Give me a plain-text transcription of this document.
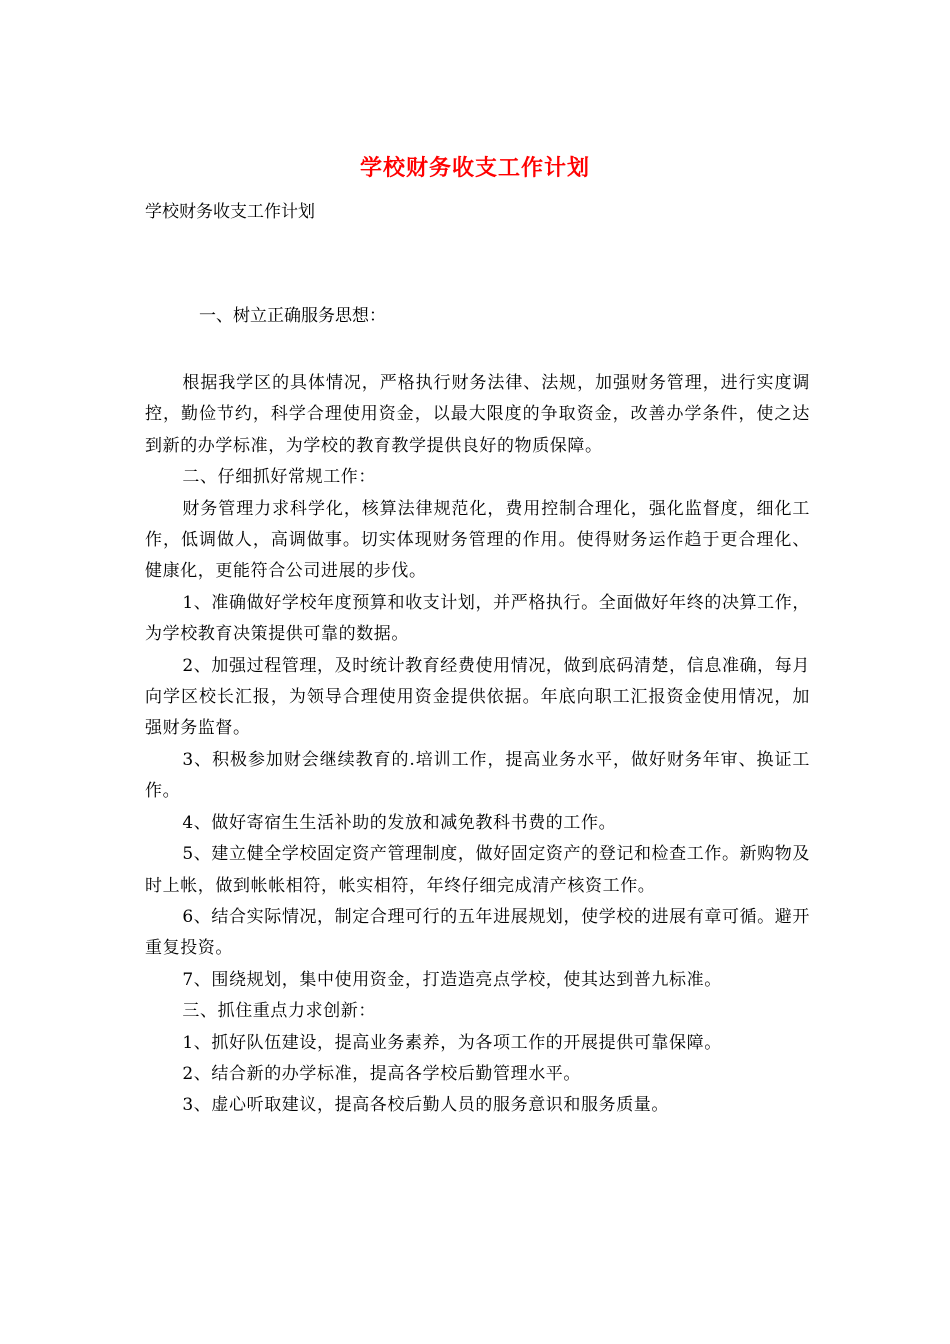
学校财务收支工作计划
学校财务收支工作计划
一、树立正确服务思想：

根据我学区的具体情况，严格执行财务法律、法规，加强财务管理，进行实度调控，勤俭节约，科学合理使用资金，以最大限度的争取资金，改善办学条件，使之达到新的办学标准，为学校的教育教学提供良好的物质保障。

二、仔细抓好常规工作：

财务管理力求科学化，核算法律规范化，费用控制合理化，强化监督度，细化工作，低调做人，高调做事。切实体现财务管理的作用。使得财务运作趋于更合理化、健康化，更能符合公司进展的步伐。

1、准确做好学校年度预算和收支计划，并严格执行。全面做好年终的决算工作，为学校教育决策提供可靠的数据。

2、加强过程管理，及时统计教育经费使用情况，做到底码清楚，信息准确，每月向学区校长汇报，为领导合理使用资金提供依据。年底向职工汇报资金使用情况，加强财务监督。

3、积极参加财会继续教育的.培训工作，提高业务水平，做好财务年审、换证工作。

4、做好寄宿生生活补助的发放和减免教科书费的工作。

5、建立健全学校固定资产管理制度，做好固定资产的登记和检查工作。新购物及时上帐，做到帐帐相符，帐实相符，年终仔细完成清产核资工作。

6、结合实际情况，制定合理可行的五年进展规划，使学校的进展有章可循。避开重复投资。

7、围绕规划，集中使用资金，打造造亮点学校，使其达到普九标准。

三、抓住重点力求创新：

1、抓好队伍建设，提高业务素养，为各项工作的开展提供可靠保障。

2、结合新的办学标准，提高各学校后勤管理水平。

3、虚心听取建议，提高各校后勤人员的服务意识和服务质量。
